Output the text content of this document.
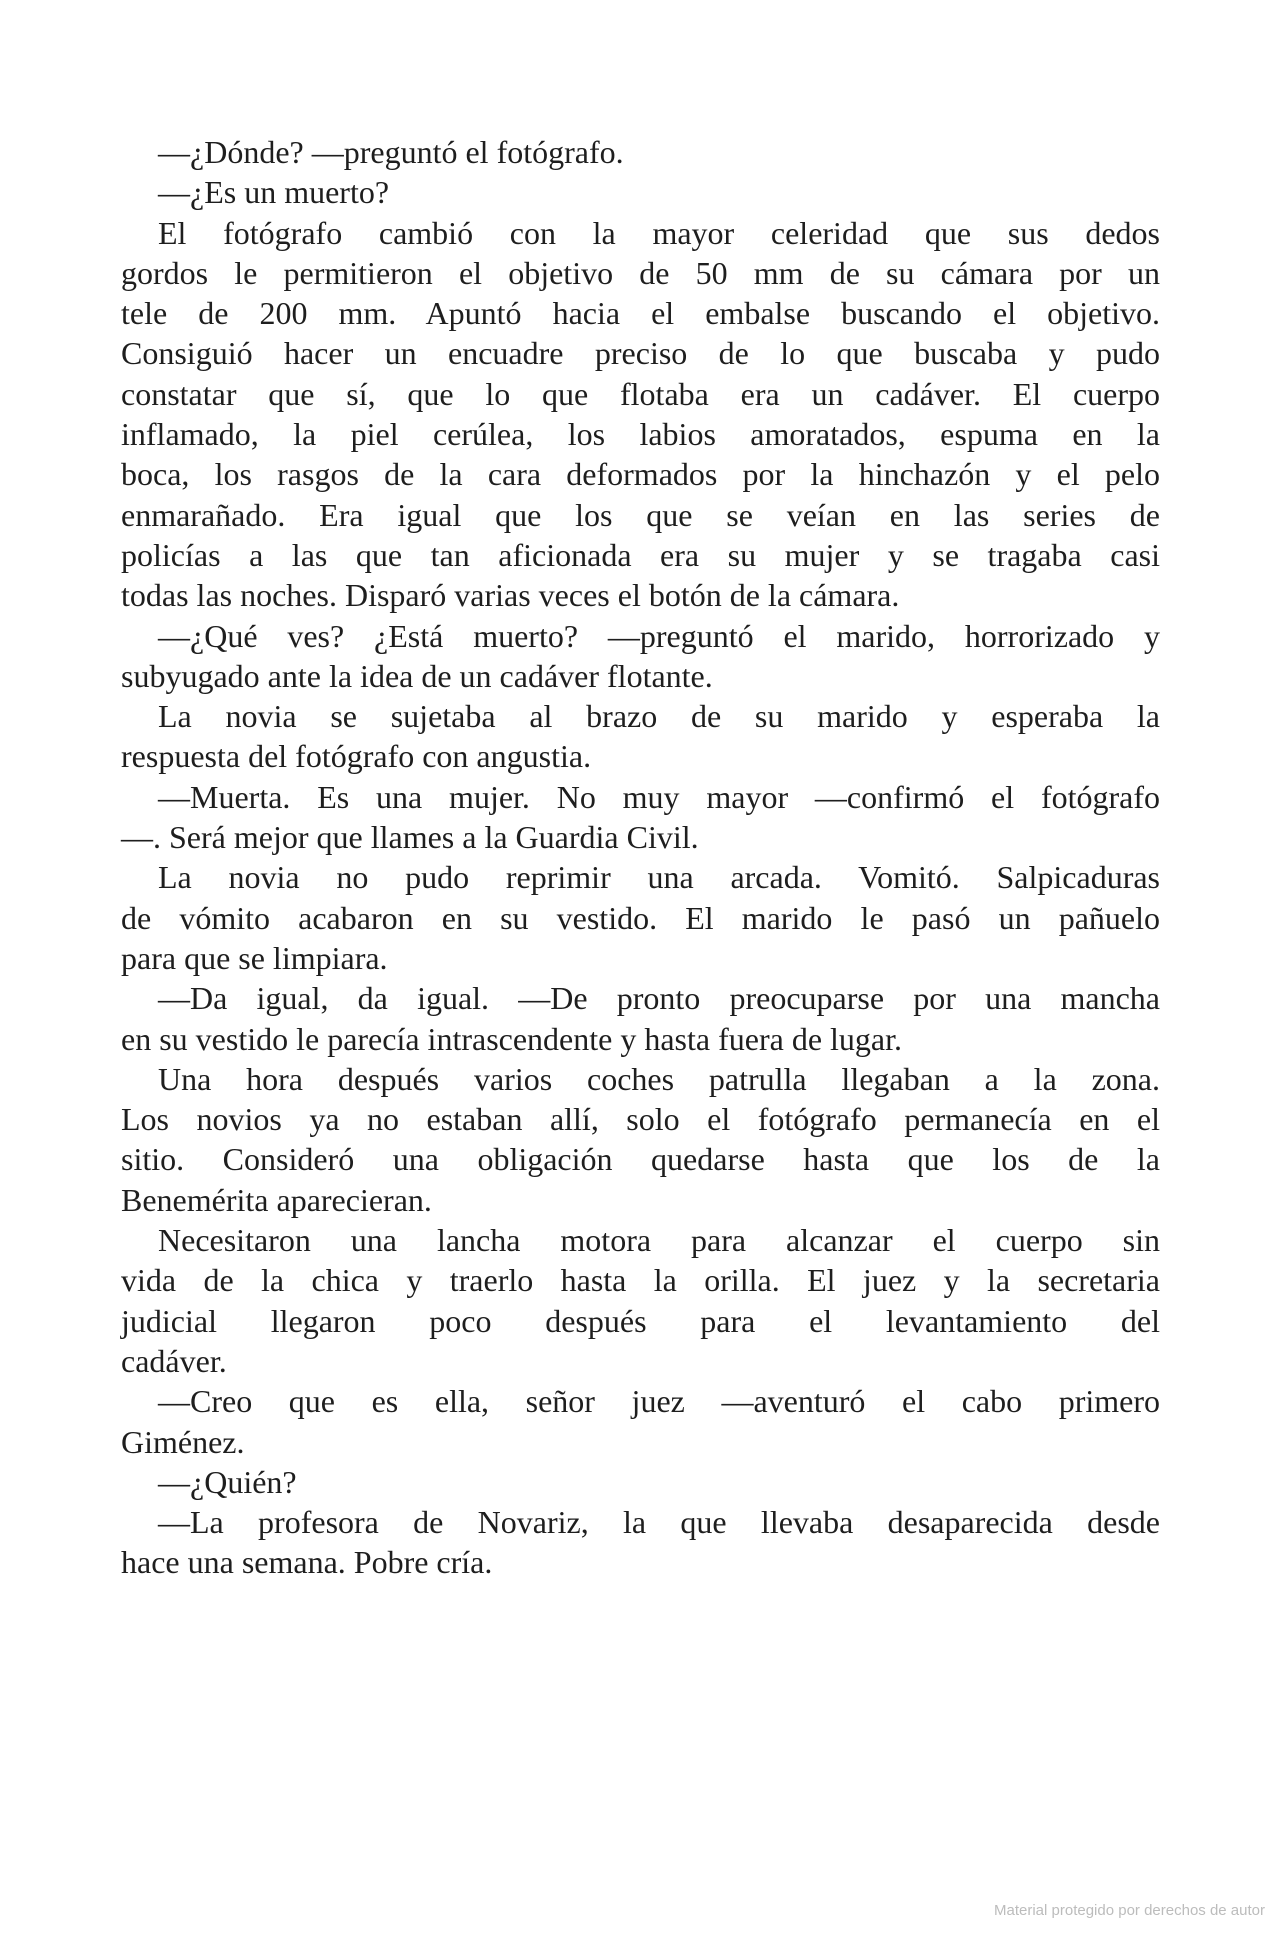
—¿Dónde? —preguntó el fotógrafo.
—¿Es un muerto?
El fotógrafo cambió con la mayor celeridad que sus dedos
gordos le permitieron el objetivo de 50 mm de su cámara por un
tele de 200 mm. Apuntó hacia el embalse buscando el objetivo.
Consiguió hacer un encuadre preciso de lo que buscaba y pudo
constatar que sí, que lo que flotaba era un cadáver. El cuerpo
inflamado, la piel cerúlea, los labios amoratados, espuma en la
boca, los rasgos de la cara deformados por la hinchazón y el pelo
enmarañado. Era igual que los que se veían en las series de
policías a las que tan aficionada era su mujer y se tragaba casi
todas las noches. Disparó varias veces el botón de la cámara.
—¿Qué ves? ¿Está muerto? —preguntó el marido, horrorizado y
subyugado ante la idea de un cadáver flotante.
La novia se sujetaba al brazo de su marido y esperaba la
respuesta del fotógrafo con angustia.
—Muerta. Es una mujer. No muy mayor —confirmó el fotógrafo
—. Será mejor que llames a la Guardia Civil.
La novia no pudo reprimir una arcada. Vomitó. Salpicaduras
de vómito acabaron en su vestido. El marido le pasó un pañuelo
para que se limpiara.
—Da igual, da igual. —De pronto preocuparse por una mancha
en su vestido le parecía intrascendente y hasta fuera de lugar.
Una hora después varios coches patrulla llegaban a la zona.
Los novios ya no estaban allí, solo el fotógrafo permanecía en el
sitio. Consideró una obligación quedarse hasta que los de la
Benemérita aparecieran.
Necesitaron una lancha motora para alcanzar el cuerpo sin
vida de la chica y traerlo hasta la orilla. El juez y la secretaria
judicial llegaron poco después para el levantamiento del
cadáver.
—Creo que es ella, señor juez —aventuró el cabo primero
Giménez.
—¿Quién?
—La profesora de Novariz, la que llevaba desaparecida desde
hace una semana. Pobre cría.
Material protegido por derechos de autor
